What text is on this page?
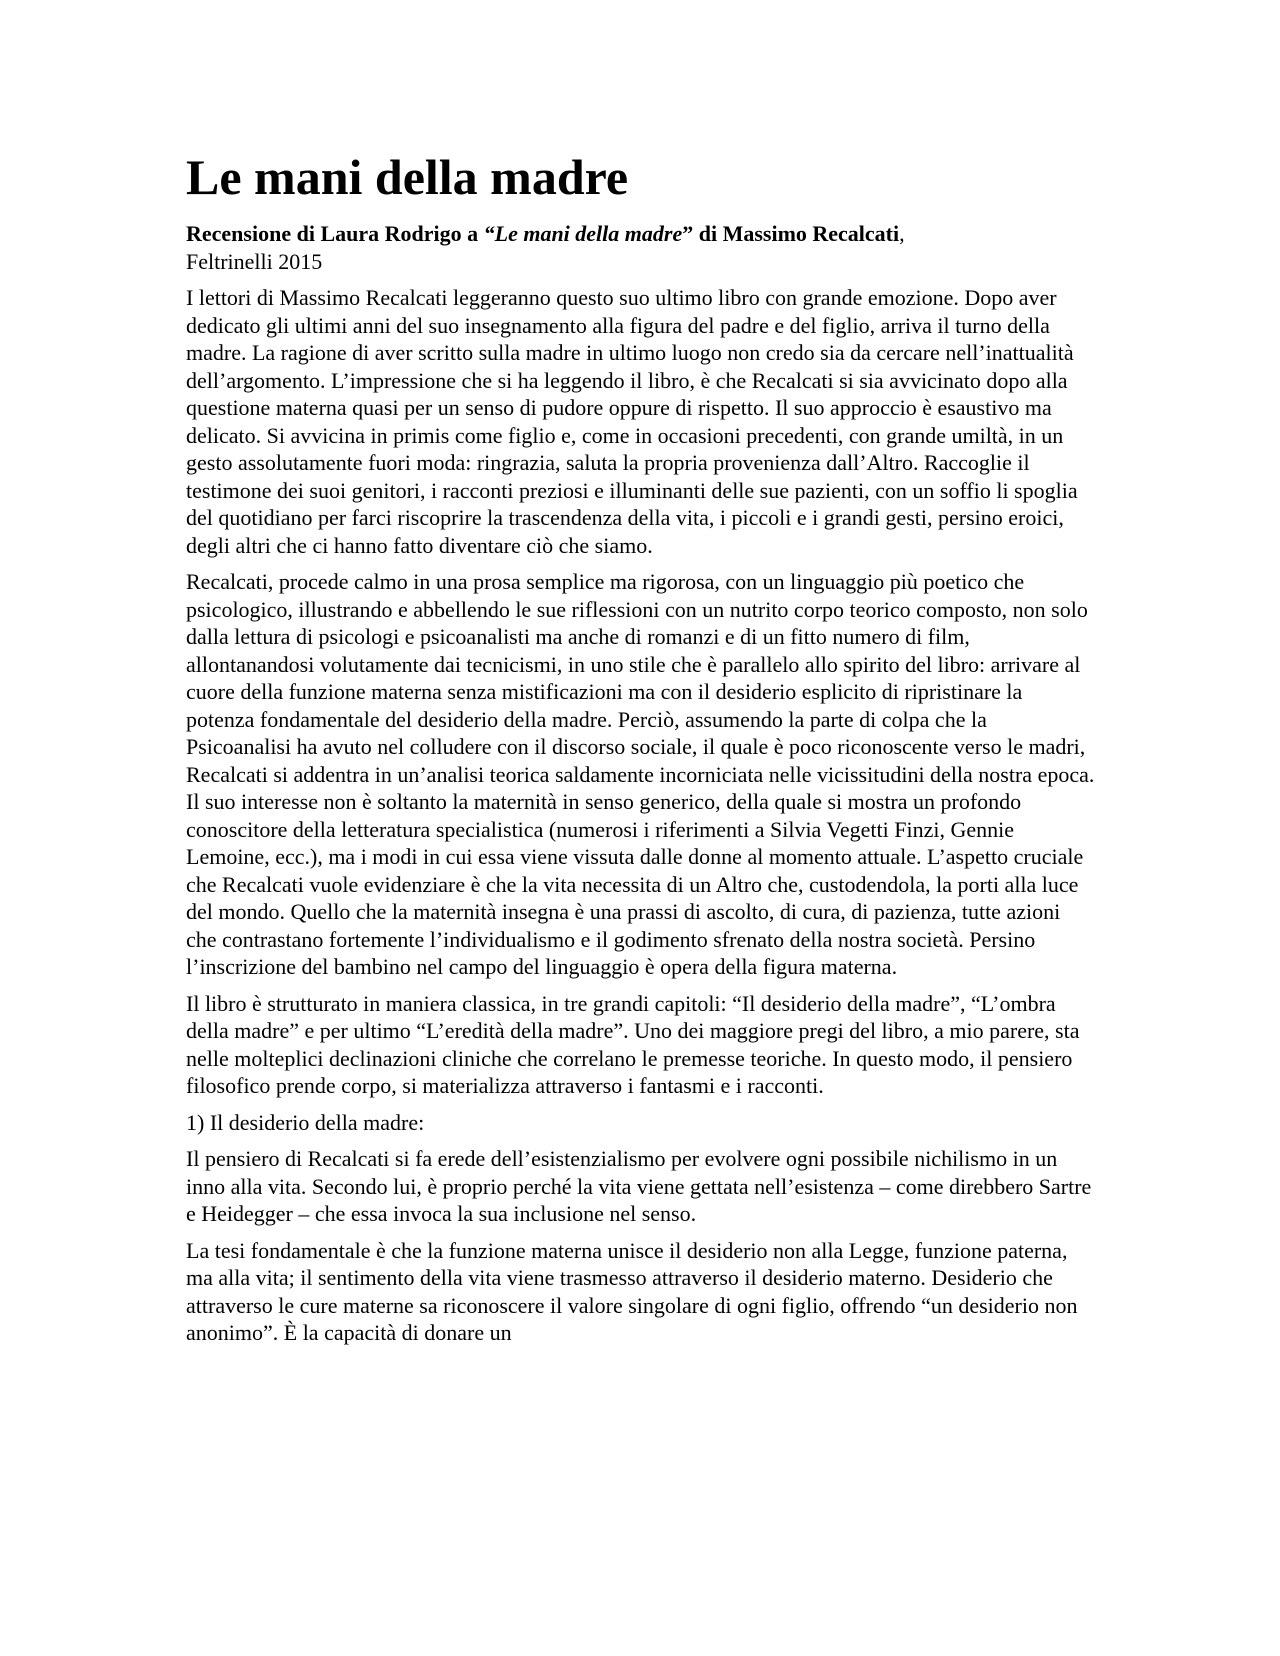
Le mani della madre
Recensione di Laura Rodrigo a “Le mani della madre” di Massimo Recalcati,
Feltrinelli 2015

I lettori di Massimo Recalcati leggeranno questo suo ultimo libro con grande emozione. Dopo aver dedicato gli ultimi anni del suo insegnamento alla figura del padre e del figlio, arriva il turno della madre. La ragione di aver scritto sulla madre in ultimo luogo non credo sia da cercare nell’inattualità dell’argomento. L’impressione che si ha leggendo il libro, è che Recalcati si sia avvicinato dopo alla questione materna quasi per un senso di pudore oppure di rispetto. Il suo approccio è esaustivo ma delicato. Si avvicina in primis come figlio e, come in occasioni precedenti, con grande umiltà, in un gesto assolutamente fuori moda: ringrazia, saluta la propria provenienza dall’Altro. Raccoglie il testimone dei suoi genitori, i racconti preziosi e illuminanti delle sue pazienti, con un soffio li spoglia del quotidiano per farci riscoprire la trascendenza della vita, i piccoli e i grandi gesti, persino eroici, degli altri che ci hanno fatto diventare ciò che siamo.

Recalcati, procede calmo in una prosa semplice ma rigorosa, con un linguaggio più poetico che psicologico, illustrando e abbellendo le sue riflessioni con un nutrito corpo teorico composto, non solo dalla lettura di psicologi e psicoanalisti ma anche di romanzi e di un fitto numero di film, allontanandosi volutamente dai tecnicismi, in uno stile che è parallelo allo spirito del libro: arrivare al cuore della funzione materna senza mistificazioni ma con il desiderio esplicito di ripristinare la potenza fondamentale del desiderio della madre. Perciò, assumendo la parte di colpa che la Psicoanalisi ha avuto nel colludere con il discorso sociale, il quale è poco riconoscente verso le madri, Recalcati si addentra in un’analisi teorica saldamente incorniciata nelle vicissitudini della nostra epoca. Il suo interesse non è soltanto la maternità in senso generico, della quale si mostra un profondo conoscitore della letteratura specialistica (numerosi i riferimenti a Silvia Vegetti Finzi, Gennie Lemoine, ecc.), ma i modi in cui essa viene vissuta dalle donne al momento attuale. L’aspetto cruciale che Recalcati vuole evidenziare è che la vita necessita di un Altro che, custodendola, la porti alla luce del mondo. Quello che la maternità insegna è una prassi di ascolto, di cura, di pazienza, tutte azioni che contrastano fortemente l’individualismo e il godimento sfrenato della nostra società. Persino l’inscrizione del bambino nel campo del linguaggio è opera della figura materna.

Il libro è strutturato in maniera classica, in tre grandi capitoli: “Il desiderio della madre”, “L’ombra della madre” e per ultimo “L’eredità della madre”. Uno dei maggiore pregi del libro, a mio parere, sta nelle molteplici declinazioni cliniche che correlano le premesse teoriche. In questo modo, il pensiero filosofico prende corpo, si materializza attraverso i fantasmi e i racconti.

1) Il desiderio della madre:

Il pensiero di Recalcati si fa erede dell’esistenzialismo per evolvere ogni possibile nichilismo in un inno alla vita. Secondo lui, è proprio perché la vita viene gettata nell’esistenza – come direbbero Sartre e Heidegger – che essa invoca la sua inclusione nel senso.

La tesi fondamentale è che la funzione materna unisce il desiderio non alla Legge, funzione paterna, ma alla vita; il sentimento della vita viene trasmesso attraverso il desiderio materno. Desiderio che attraverso le cure materne sa riconoscere il valore singolare di ogni figlio, offrendo “un desiderio non anonimo”. È la capacità di donare un
